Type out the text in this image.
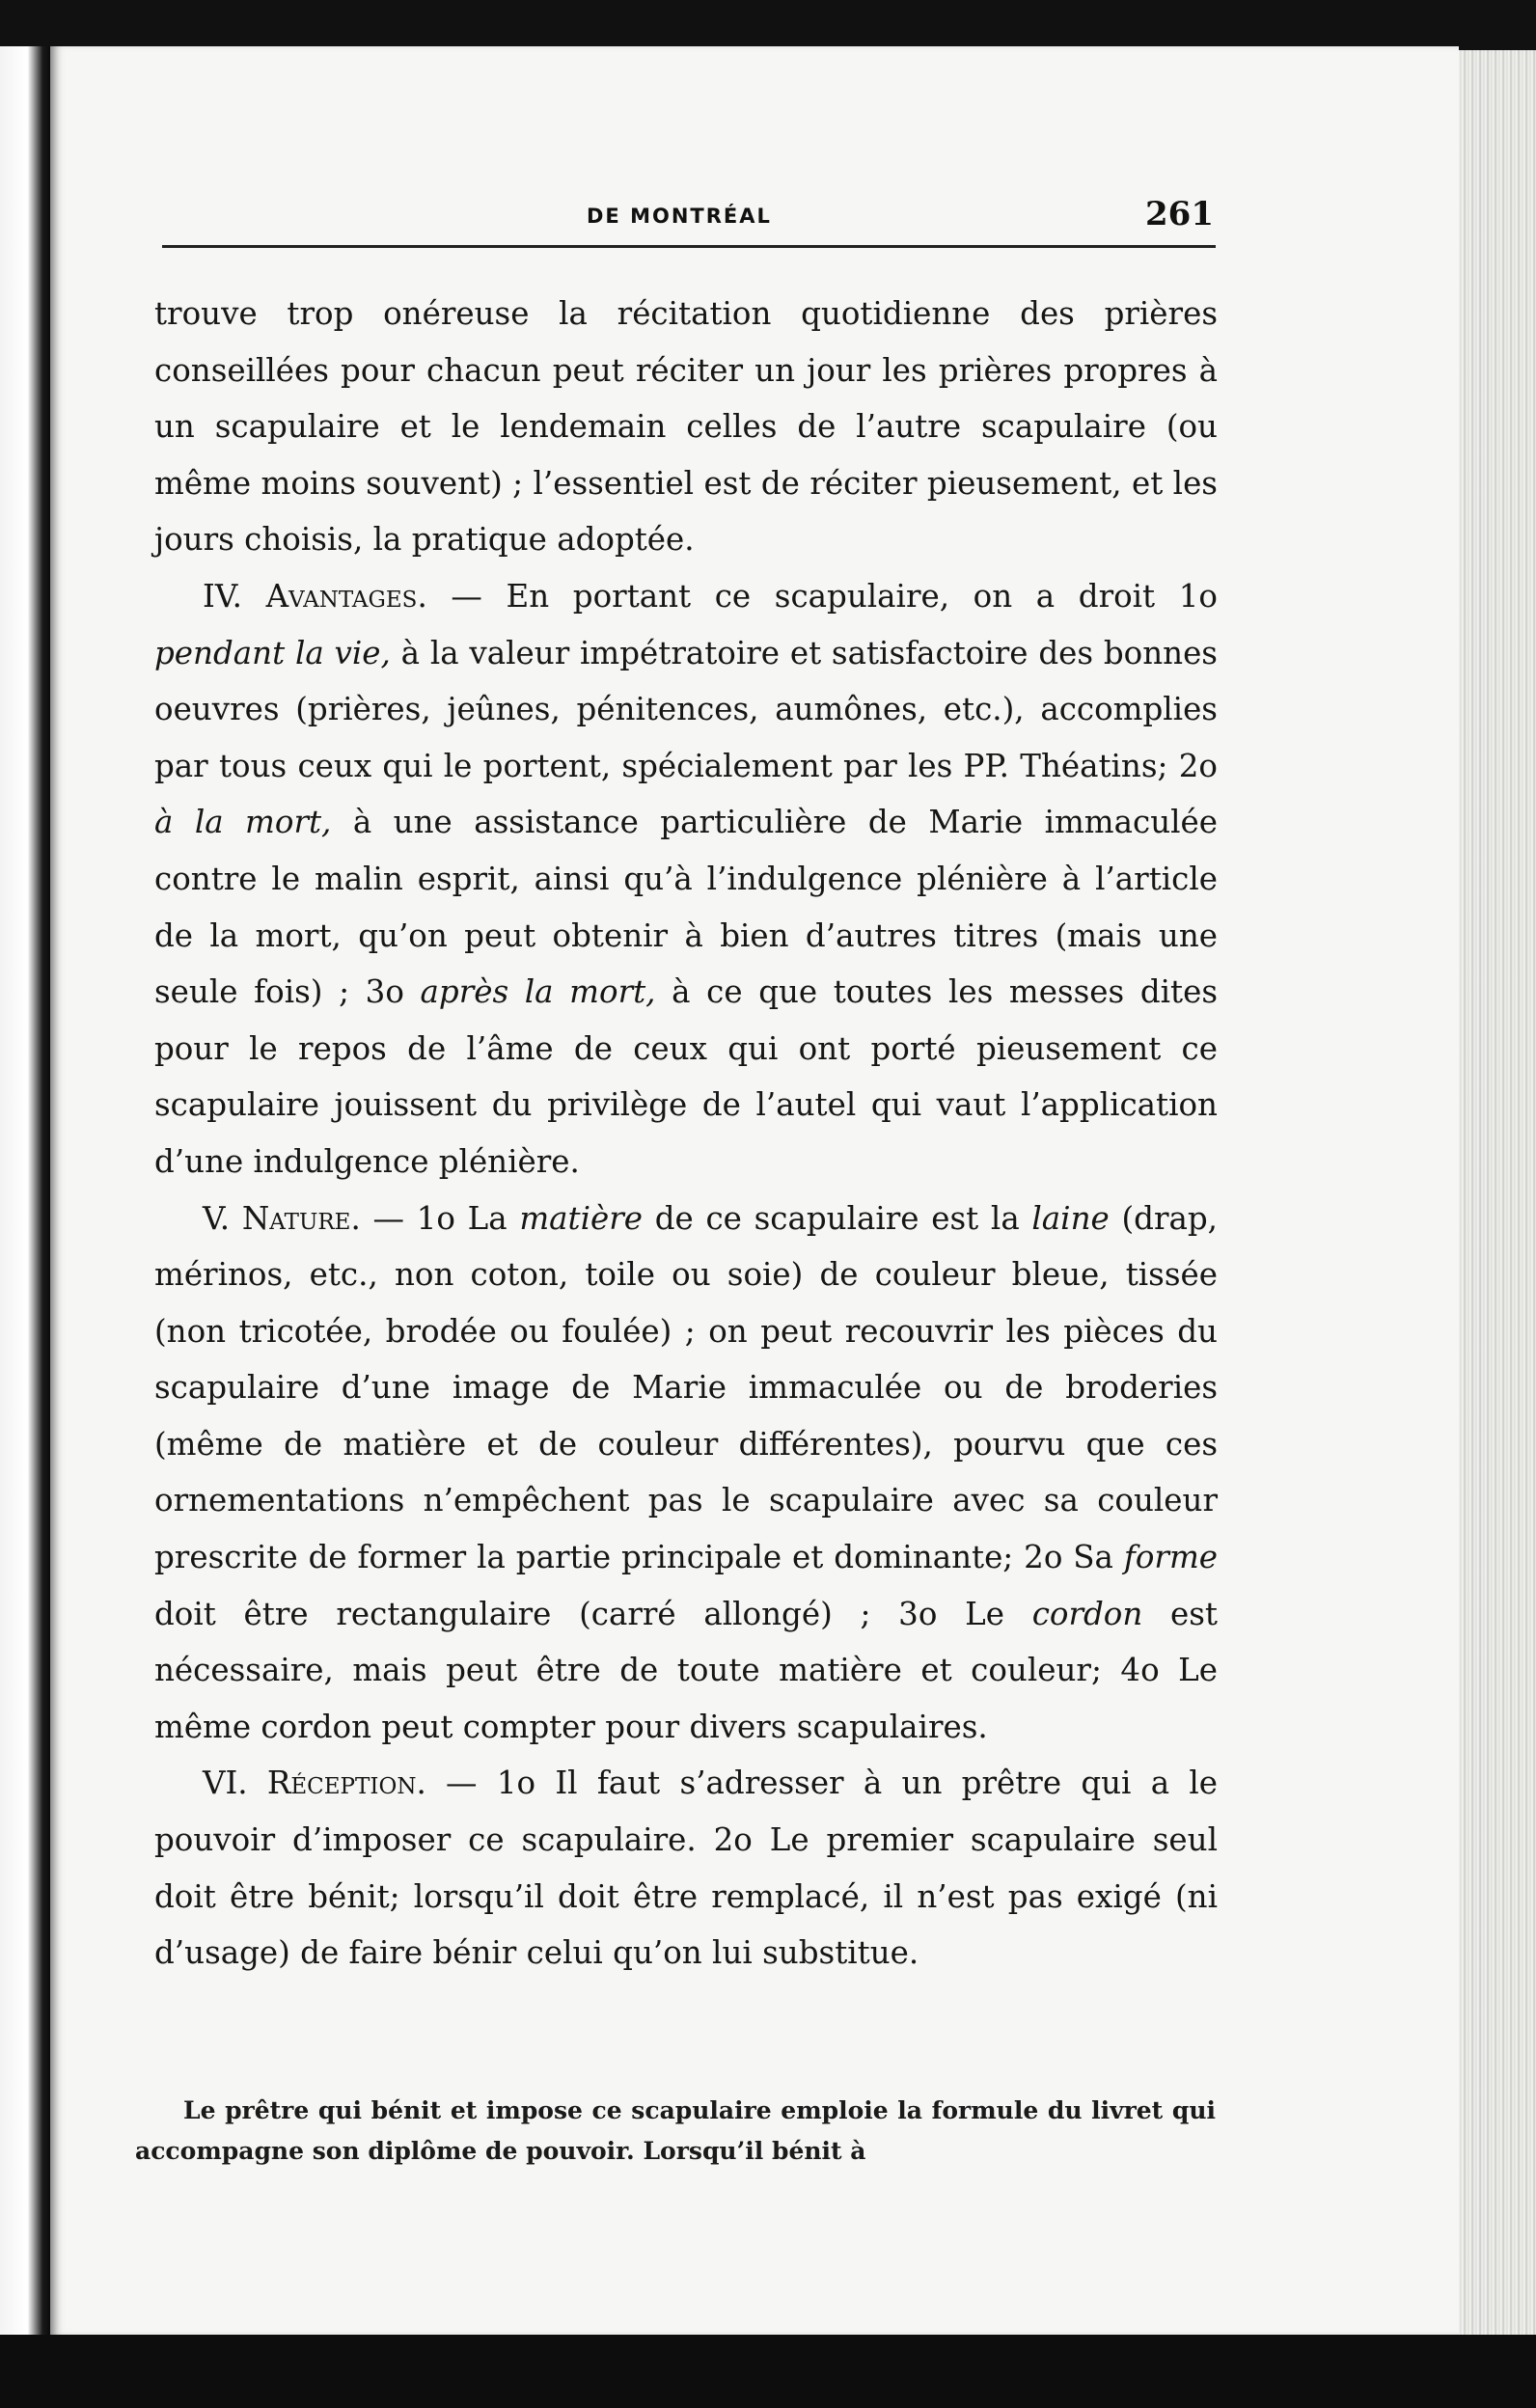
DE MONTRÉAL	261

trouve trop onéreuse la récitation quotidienne des prières conseillées pour chacun peut réciter un jour les prières propres à un scapulaire et le lendemain celles de l’autre scapulaire (ou même moins souvent) ; l’essentiel est de réciter pieusement, et les jours choisis, la pratique adoptée.

IV. Avantages. — En portant ce scapulaire, on a droit 1o pendant la vie, à la valeur impétratoire et satisfactoire des bonnes oeuvres (prières, jeûnes, pénitences, aumônes, etc.), accomplies par tous ceux qui le portent, spécialement par les PP. Théatins; 2o à la mort, à une assistance particulière de Marie immaculée contre le malin esprit, ainsi qu’à l’indulgence plénière à l’article de la mort, qu’on peut obtenir à bien d’autres titres (mais une seule fois) ; 3o après la mort, à ce que toutes les messes dites pour le repos de l’âme de ceux qui ont porté pieusement ce scapulaire jouissent du privilège de l’autel qui vaut l’application d’une indulgence plénière.

V. Nature. — 1o La matière de ce scapulaire est la laine (drap, mérinos, etc., non coton, toile ou soie) de couleur bleue, tissée (non tricotée, brodée ou foulée) ; on peut recouvrir les pièces du scapulaire d’une image de Marie immaculée ou de broderies (même de matière et de couleur différentes), pourvu que ces ornementations n’empêchent pas le scapulaire avec sa couleur prescrite de former la partie principale et dominante; 2o Sa forme doit être rectangulaire (carré allongé) ; 3o Le cordon est nécessaire, mais peut être de toute matière et couleur; 4o Le même cordon peut compter pour divers scapulaires.

VI. Réception. — 1o Il faut s’adresser à un prêtre qui a le pouvoir d’imposer ce scapulaire. 2o Le premier scapulaire seul doit être bénit; lorsqu’il doit être remplacé, il n’est pas exigé (ni d’usage) de faire bénir celui qu’on lui substitue.

Le prêtre qui bénit et impose ce scapulaire emploie la formule du livret qui accompagne son diplôme de pouvoir. Lorsqu’il bénit à
